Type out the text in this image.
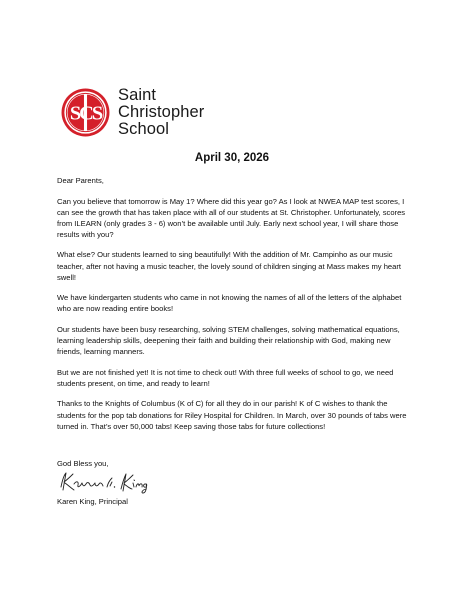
SCS
Saint
Christopher
School
April 30, 2026

Dear Parents,

Can you believe that tomorrow is May 1? Where did this year go? As I look at NWEA MAP test scores, I can see the growth that has taken place with all of our students at St. Christopher. Unfortunately, scores from ILEARN (only grades 3 - 6) won’t be available until July. Early next school year, I will share those results with you?

What else? Our students learned to sing beautifully! With the addition of Mr. Campinho as our music teacher, after not having a music teacher, the lovely sound of children singing at Mass makes my heart swell!

We have kindergarten students who came in not knowing the names of all of the letters of the alphabet who are now reading entire books!

Our students have been busy researching, solving STEM challenges, solving mathematical equations, learning leadership skills, deepening their faith and building their relationship with God, making new friends, learning manners.

But we are not finished yet! It is not time to check out! With three full weeks of school to go, we need students present, on time, and ready to learn!

Thanks to the Knights of Columbus (K of C) for all they do in our parish! K of C wishes to thank the students for the pop tab donations for Riley Hospital for Children. In March, over 30 pounds of tabs were turned in. That’s over 50,000 tabs! Keep saving those tabs for future collections!

God Bless you,
Karen King, Principal
